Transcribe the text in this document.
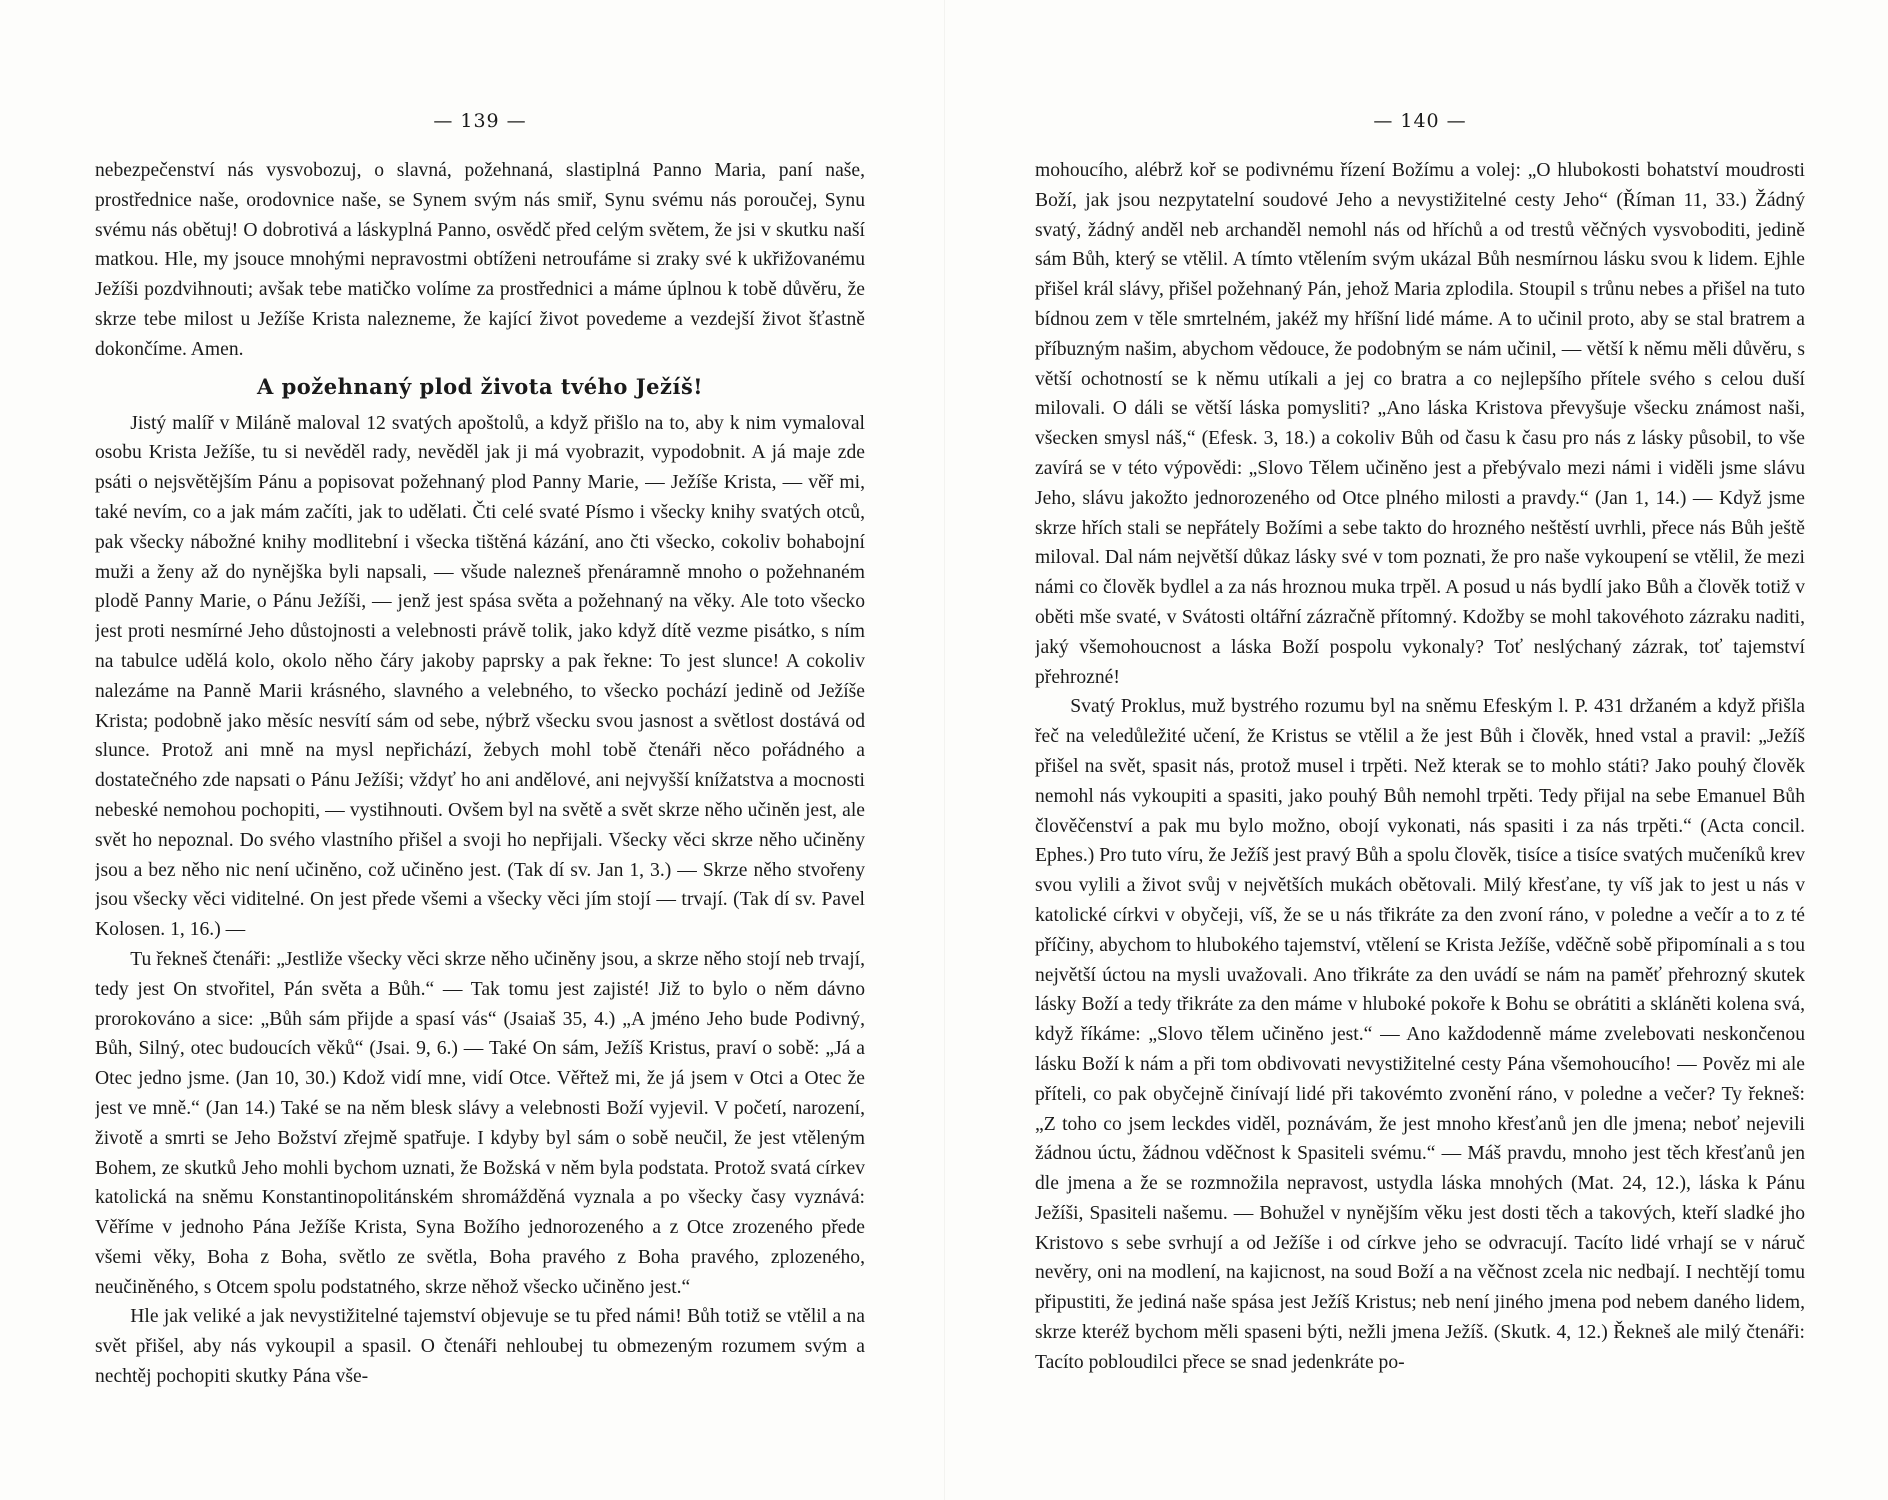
— 139 —

nebezpečenství nás vysvobozuj, o slavná, požehnaná, slastiplná Panno Maria, paní naše, prostřednice naše, orodovnice naše, se Synem svým nás smiř, Synu svému nás poroučej, Synu svému nás obětuj! O dobrotivá a láskyplná Panno, osvědč před celým světem, že jsi v skutku naší matkou. Hle, my jsouce mnohými nepravostmi obtíženi netroufáme si zraky své k ukřižovanému Ježíši pozdvihnouti; avšak tebe matičko volíme za prostřednici a máme úplnou k tobě důvěru, že skrze tebe milost u Ježíše Krista nalezneme, že kající život povedeme a vezdejší život šťastně dokončíme. Amen.

A požehnaný plod života tvého Ježíš!

Jistý malíř v Miláně maloval 12 svatých apoštolů, a když přišlo na to, aby k nim vymaloval osobu Krista Ježíše, tu si nevěděl rady, nevěděl jak ji má vyobrazit, vypodobnit. A já maje zde psáti o nejsvětějším Pánu a popisovat požehnaný plod Panny Marie, — Ježíše Krista, — věř mi, také nevím, co a jak mám začíti, jak to udělati. Čti celé svaté Písmo i všecky knihy svatých otců, pak všecky nábožné knihy modlitební i všecka tištěná kázání, ano čti všecko, cokoliv bohabojní muži a ženy až do nynějška byli napsali, — všude nalezneš přenáramně mnoho o požehnaném plodě Panny Marie, o Pánu Ježíši, — jenž jest spása světa a požehnaný na věky. Ale toto všecko jest proti nesmírné Jeho důstojnosti a velebnosti právě tolik, jako když dítě vezme pisátko, s ním na tabulce udělá kolo, okolo něho čáry jakoby paprsky a pak řekne: To jest slunce! A cokoliv nalezáme na Panně Marii krásného, slavného a velebného, to všecko pochází jedině od Ježíše Krista; podobně jako měsíc nesvítí sám od sebe, nýbrž všecku svou jasnost a světlost dostává od slunce. Protož ani mně na mysl nepřichází, žebych mohl tobě čtenáři něco pořádného a dostatečného zde napsati o Pánu Ježíši; vždyť ho ani andělové, ani nejvyšší knížatstva a mocnosti nebeské nemohou pochopiti, — vystihnouti. Ovšem byl na světě a svět skrze něho učiněn jest, ale svět ho nepoznal. Do svého vlastního přišel a svoji ho nepřijali. Všecky věci skrze něho učiněny jsou a bez něho nic není učiněno, což učiněno jest. (Tak dí sv. Jan 1, 3.) — Skrze něho stvořeny jsou všecky věci viditelné. On jest přede všemi a všecky věci jím stojí — trvají. (Tak dí sv. Pavel Kolosen. 1, 16.) —

Tu řekneš čtenáři: „Jestliže všecky věci skrze něho učiněny jsou, a skrze něho stojí neb trvají, tedy jest On stvořitel, Pán světa a Bůh.“ — Tak tomu jest zajisté! Již to bylo o něm dávno prorokováno a sice: „Bůh sám přijde a spasí vás“ (Jsaiaš 35, 4.) „A jméno Jeho bude Podivný, Bůh, Silný, otec budoucích věků“ (Jsai. 9, 6.) — Také On sám, Ježíš Kristus, praví o sobě: „Já a Otec jedno jsme. (Jan 10, 30.) Kdož vidí mne, vidí Otce. Věřtež mi, že já jsem v Otci a Otec že jest ve mně.“ (Jan 14.) Také se na něm blesk slávy a velebnosti Boží vyjevil. V početí, narození, životě a smrti se Jeho Božství zřejmě spatřuje. I kdyby byl sám o sobě neučil, že jest vtěleným Bohem, ze skutků Jeho mohli bychom uznati, že Božská v něm byla podstata. Protož svatá církev katolická na sněmu Konstantinopolitánském shromážděná vyznala a po všecky časy vyznává: Věříme v jednoho Pána Ježíše Krista, Syna Božího jednorozeného a z Otce zrozeného přede všemi věky, Boha z Boha, světlo ze světla, Boha pravého z Boha pravého, zplozeného, neučiněného, s Otcem spolu podstatného, skrze něhož všecko učiněno jest.“

Hle jak veliké a jak nevystižitelné tajemství objevuje se tu před námi! Bůh totiž se vtělil a na svět přišel, aby nás vykoupil a spasil. O čtenáři nehloubej tu obmezeným rozumem svým a nechtěj pochopiti skutky Pána vše-

— 140 —

mohoucího, alébrž koř se podivnému řízení Božímu a volej: „O hlubokosti bohatství moudrosti Boží, jak jsou nezpytatelní soudové Jeho a nevystižitelné cesty Jeho“ (Říman 11, 33.) Žádný svatý, žádný anděl neb archanděl nemohl nás od hříchů a od trestů věčných vysvoboditi, jedině sám Bůh, který se vtělil. A tímto vtělením svým ukázal Bůh nesmírnou lásku svou k lidem. Ejhle přišel král slávy, přišel požehnaný Pán, jehož Maria zplodila. Stoupil s trůnu nebes a přišel na tuto bídnou zem v těle smrtelném, jakéž my hříšní lidé máme. A to učinil proto, aby se stal bratrem a příbuzným našim, abychom vědouce, že podobným se nám učinil, — větší k němu měli důvěru, s větší ochotností se k němu utíkali a jej co bratra a co nejlepšího přítele svého s celou duší milovali. O dáli se větší láska pomysliti? „Ano láska Kristova převyšuje všecku známost naši, všecken smysl náš,“ (Efesk. 3, 18.) a cokoliv Bůh od času k času pro nás z lásky působil, to vše zavírá se v této výpovědi: „Slovo Tělem učiněno jest a přebývalo mezi námi i viděli jsme slávu Jeho, slávu jakožto jednorozeného od Otce plného milosti a pravdy.“ (Jan 1, 14.) — Když jsme skrze hřích stali se nepřátely Božími a sebe takto do hrozného neštěstí uvrhli, přece nás Bůh ještě miloval. Dal nám největší důkaz lásky své v tom poznati, že pro naše vykoupení se vtělil, že mezi námi co člověk bydlel a za nás hroznou muka trpěl. A posud u nás bydlí jako Bůh a člověk totiž v oběti mše svaté, v Svátosti oltářní zázračně přítomný. Kdožby se mohl takovéhoto zázraku naditi, jaký všemohoucnost a láska Boží pospolu vykonaly? Toť neslýchaný zázrak, toť tajemství přehrozné!

Svatý Proklus, muž bystrého rozumu byl na sněmu Efeským l. P. 431 držaném a když přišla řeč na veledůležité učení, že Kristus se vtělil a že jest Bůh i člověk, hned vstal a pravil: „Ježíš přišel na svět, spasit nás, protož musel i trpěti. Než kterak se to mohlo státi? Jako pouhý člověk nemohl nás vykoupiti a spasiti, jako pouhý Bůh nemohl trpěti. Tedy přijal na sebe Emanuel Bůh člověčenství a pak mu bylo možno, obojí vykonati, nás spasiti i za nás trpěti.“ (Acta concil. Ephes.) Pro tuto víru, že Ježíš jest pravý Bůh a spolu člověk, tisíce a tisíce svatých mučeníků krev svou vylili a život svůj v největších mukách obětovali. Milý křesťane, ty víš jak to jest u nás v katolické církvi v obyčeji, víš, že se u nás třikráte za den zvoní ráno, v poledne a večír a to z té příčiny, abychom to hlubokého tajemství, vtělení se Krista Ježíše, vděčně sobě připomínali a s tou největší úctou na mysli uvažovali. Ano třikráte za den uvádí se nám na paměť přehrozný skutek lásky Boží a tedy třikráte za den máme v hluboké pokoře k Bohu se obrátiti a skláněti kolena svá, když říkáme: „Slovo tělem učiněno jest.“ — Ano každodenně máme zvelebovati neskončenou lásku Boží k nám a při tom obdivovati nevystižitelné cesty Pána všemohoucího! — Pověz mi ale příteli, co pak obyčejně činívají lidé při takovémto zvonění ráno, v poledne a večer? Ty řekneš: „Z toho co jsem leckdes viděl, poznávám, že jest mnoho křesťanů jen dle jmena; neboť nejevili žádnou úctu, žádnou vděčnost k Spasiteli svému.“ — Máš pravdu, mnoho jest těch křesťanů jen dle jmena a že se rozmnožila nepravost, ustydla láska mnohých (Mat. 24, 12.), láska k Pánu Ježíši, Spasiteli našemu. — Bohužel v nynějším věku jest dosti těch a takových, kteří sladké jho Kristovo s sebe svrhují a od Ježíše i od církve jeho se odvracují. Tacíto lidé vrhají se v náruč nevěry, oni na modlení, na kajicnost, na soud Boží a na věčnost zcela nic nedbají. I nechtějí tomu připustiti, že jediná naše spása jest Ježíš Kristus; neb není jiného jmena pod nebem daného lidem, skrze kteréž bychom měli spaseni býti, nežli jmena Ježíš. (Skutk. 4, 12.) Řekneš ale milý čtenáři: Tacíto pobloudilci přece se snad jedenkráte po-
